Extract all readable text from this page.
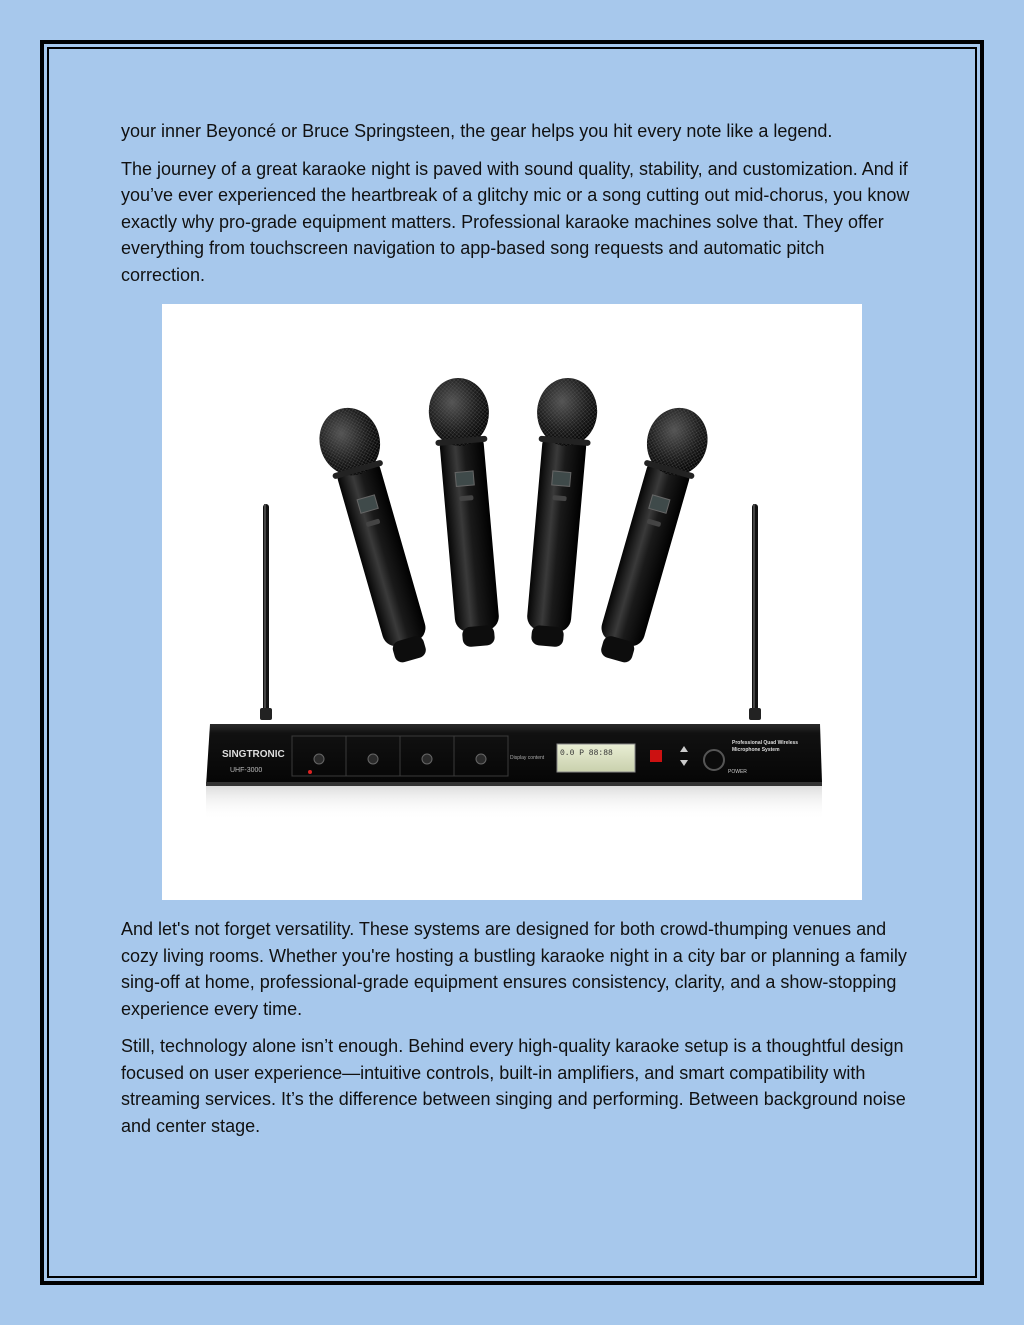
your inner Beyoncé or Bruce Springsteen, the gear helps you hit every note like a legend.

The journey of a great karaoke night is paved with sound quality, stability, and customization. And if you’ve ever experienced the heartbreak of a glitchy mic or a song cutting out mid-chorus, you know exactly why pro-grade equipment matters. Professional karaoke machines solve that. They offer everything from touchscreen navigation to app-based song requests and automatic pitch correction.

SINGTRONIC
UHF-3000
Display content 0.0 P 88:88
Professional Quad Wireless
Microphone System
POWER

And let's not forget versatility. These systems are designed for both crowd-thumping venues and cozy living rooms. Whether you're hosting a bustling karaoke night in a city bar or planning a family sing-off at home, professional-grade equipment ensures consistency, clarity, and a show-stopping experience every time.

Still, technology alone isn’t enough. Behind every high-quality karaoke setup is a thoughtful design focused on user experience—intuitive controls, built-in amplifiers, and smart compatibility with streaming services. It’s the difference between singing and performing. Between background noise and center stage.
